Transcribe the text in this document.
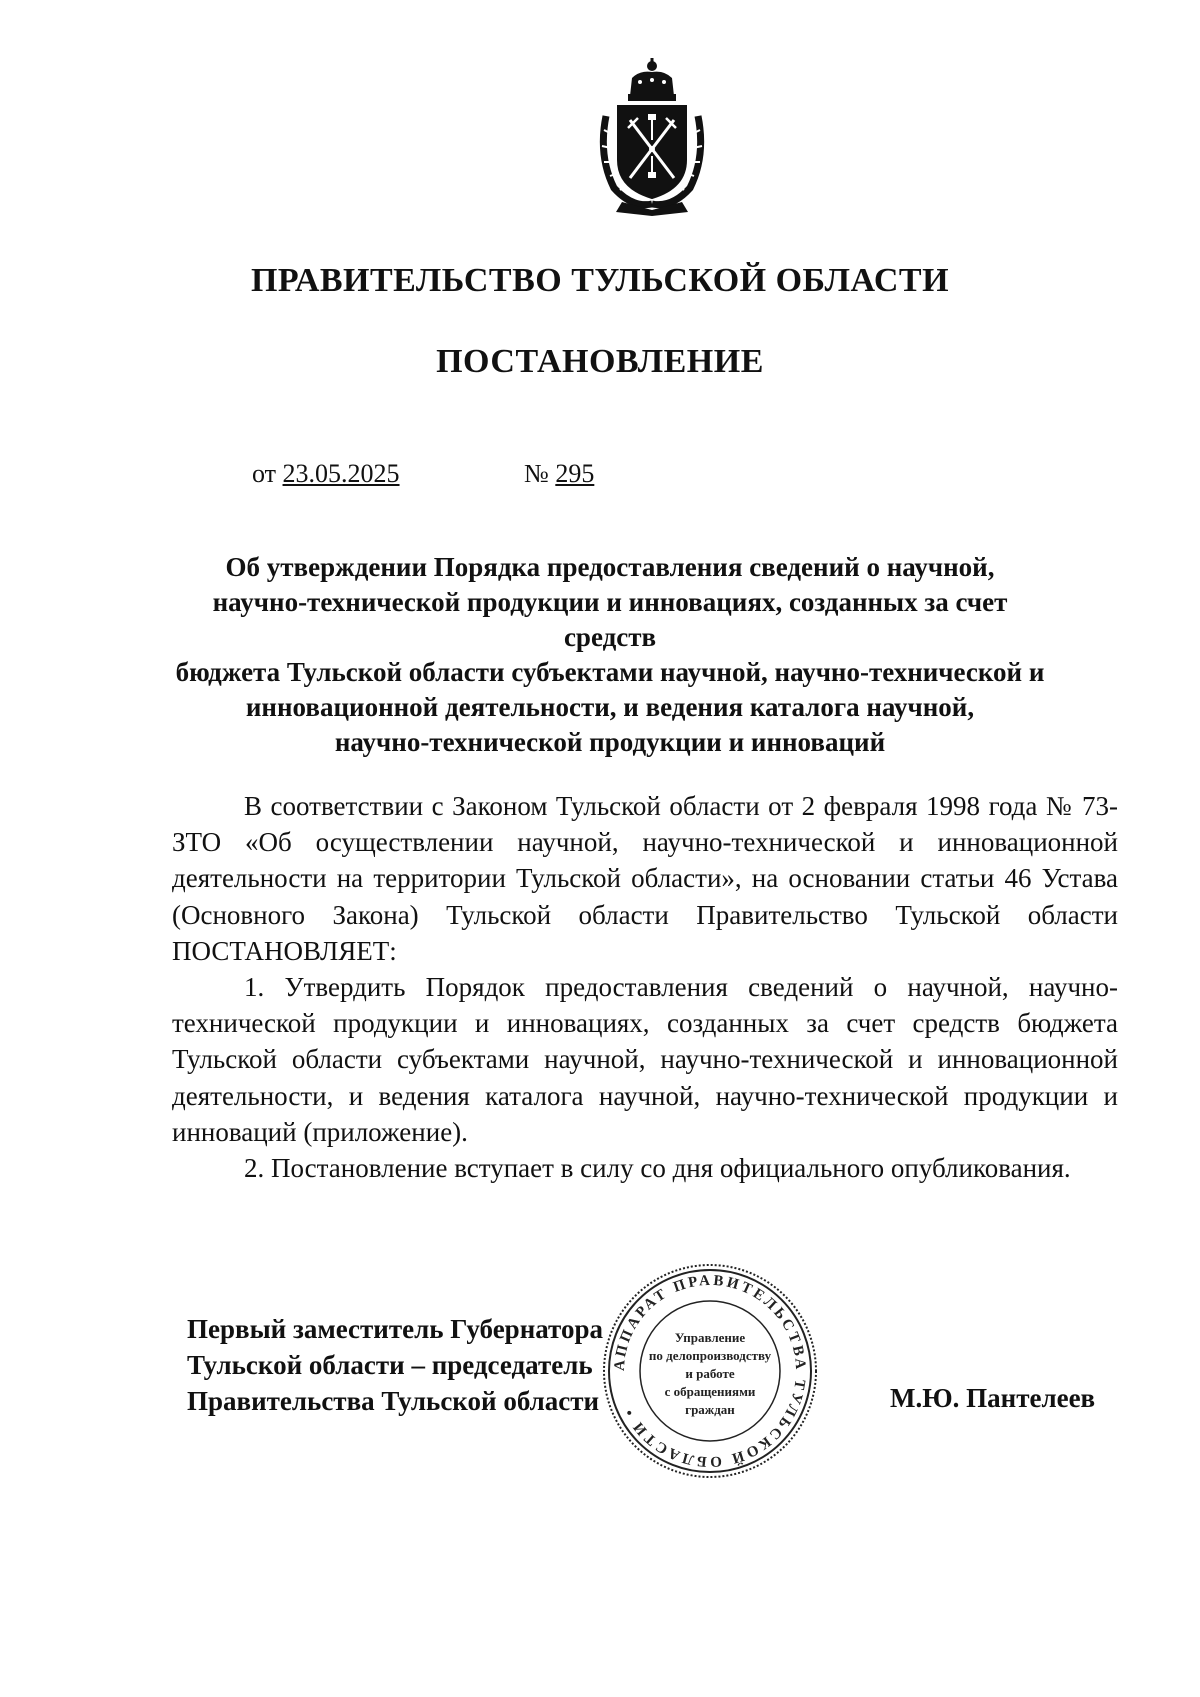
ПРАВИТЕЛЬСТВО ТУЛЬСКОЙ ОБЛАСТИ
ПОСТАНОВЛЕНИЕ
от 23.05.2025	№ 295
Об утверждении Порядка предоставления сведений о научной,
научно-технической продукции и инновациях, созданных за счет средств
бюджета Тульской области субъектами научной, научно-технической и
инновационной деятельности, и ведения каталога научной,
научно-технической продукции и инноваций

В соответствии с Законом Тульской области от 2 февраля 1998 года № 73-ЗТО «Об осуществлении научной, научно-технической и инновационной деятельности на территории Тульской области», на основании статьи 46 Устава (Основного Закона) Тульской области Правительство Тульской области ПОСТАНОВЛЯЕТ:

1. Утвердить Порядок предоставления сведений о научной, научно-технической продукции и инновациях, созданных за счет средств бюджета Тульской области субъектами научной, научно-технической и инновационной деятельности, и ведения каталога научной, научно-технической продукции и инноваций (приложение).

2. Постановление вступает в силу со дня официального опубликования.

Первый заместитель Губернатора
Тульской области – председатель
Правительства Тульской области	М.Ю. Пантелеев
АППАРАТ ПРАВИТЕЛЬСТВА ТУЛЬСКОЙ ОБЛАСТИ •
Управление
по делопроизводству
и работе
с обращениями
граждан
